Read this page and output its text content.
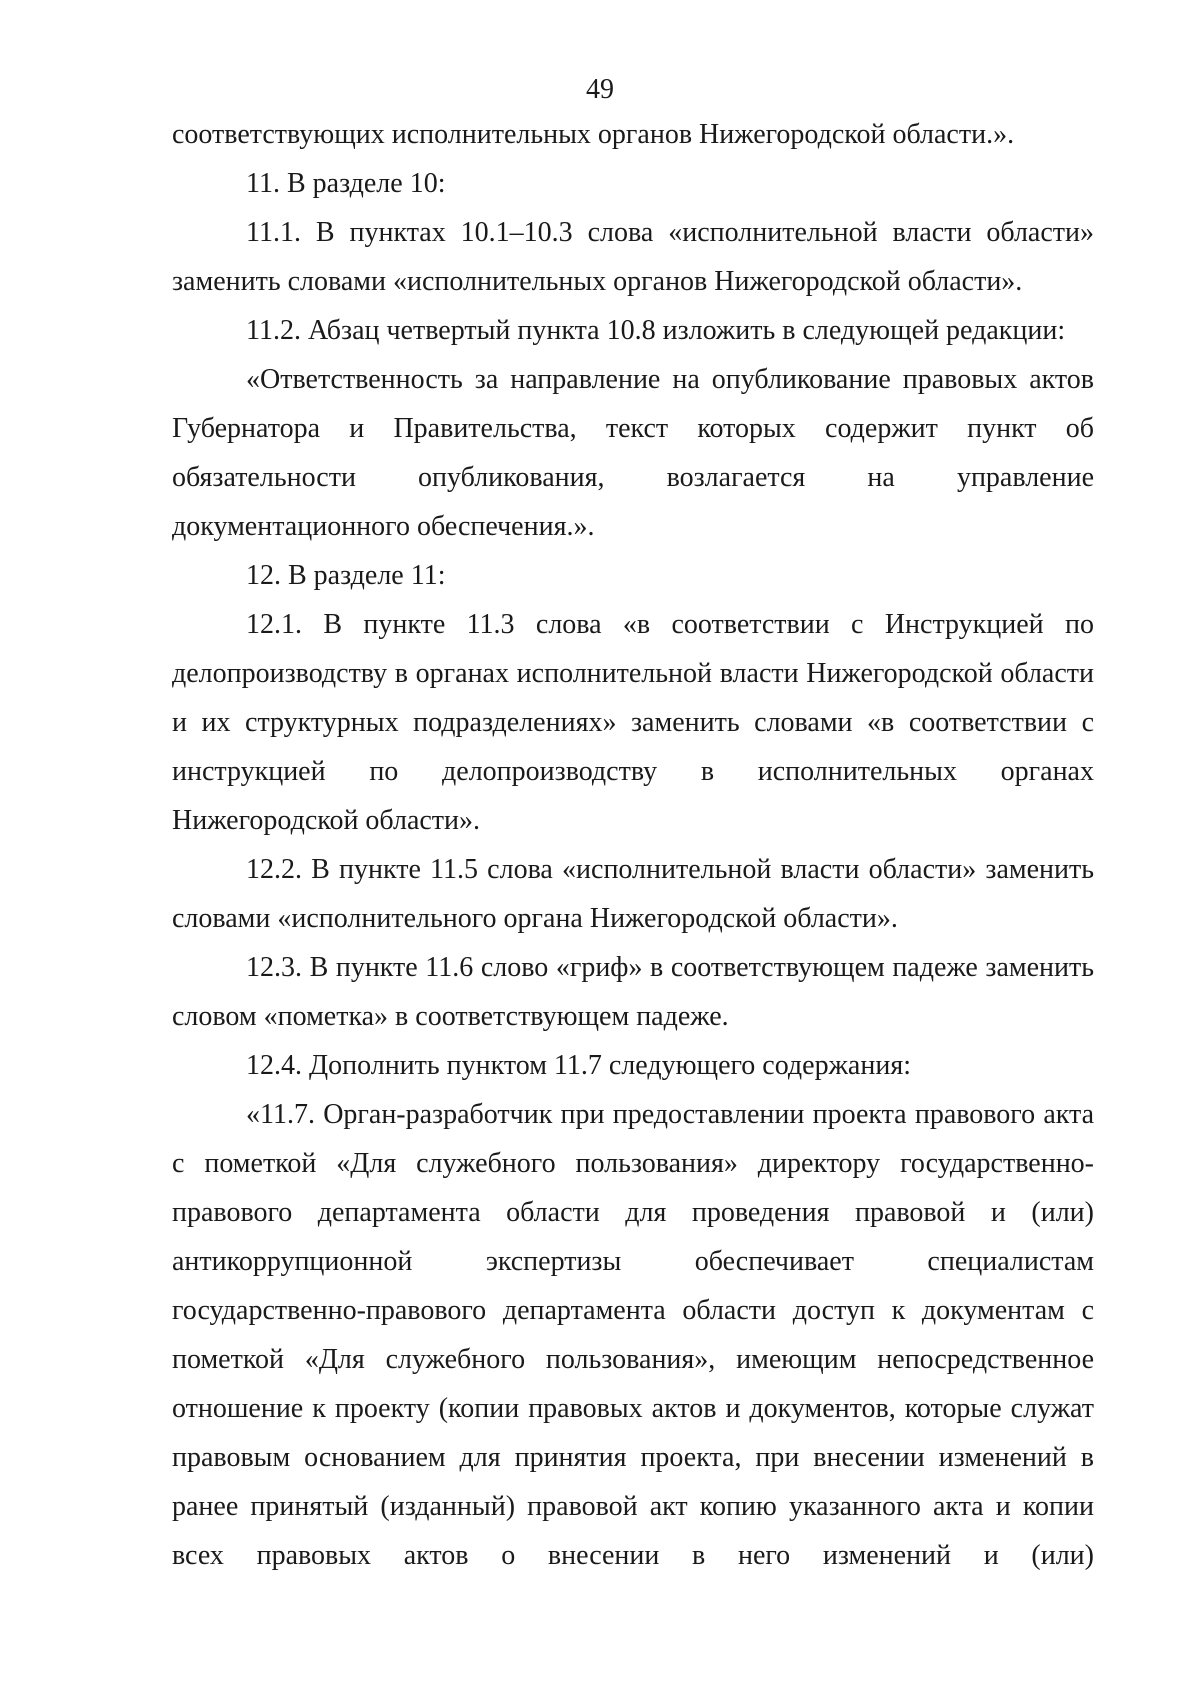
49

соответствующих исполнительных органов Нижегородской области.».

11. В разделе 10:

11.1. В пунктах 10.1–10.3 слова «исполнительной власти области» заменить словами «исполнительных органов Нижегородской области».

11.2. Абзац четвертый пункта 10.8 изложить в следующей редакции:

«Ответственность за направление на опубликование правовых актов Губернатора и Правительства, текст которых содержит пункт об обязательности опубликования, возлагается на управление документационного обеспечения.».

12. В разделе 11:

12.1. В пункте 11.3 слова «в соответствии с Инструкцией по делопроизводству в органах исполнительной власти Нижегородской области и их структурных подразделениях» заменить словами «в соответствии с инструкцией по делопроизводству в исполнительных органах Нижегородской области».

12.2. В пункте 11.5 слова «исполнительной власти области» заменить словами «исполнительного органа Нижегородской области».

12.3. В пункте 11.6 слово «гриф» в соответствующем падеже заменить словом «пометка» в соответствующем падеже.

12.4. Дополнить пунктом 11.7 следующего содержания:

«11.7. Орган-разработчик при предоставлении проекта правового акта с пометкой «Для служебного пользования» директору государственно-правового департамента области для проведения правовой и (или) антикоррупционной экспертизы обеспечивает специалистам государственно-правового департамента области доступ к документам с пометкой «Для служебного пользования», имеющим непосредственное отношение к проекту (копии правовых актов и документов, которые служат правовым основанием для принятия проекта, при внесении изменений в ранее принятый (изданный) правовой акт копию указанного акта и копии всех правовых актов о внесении в него изменений и (или)
